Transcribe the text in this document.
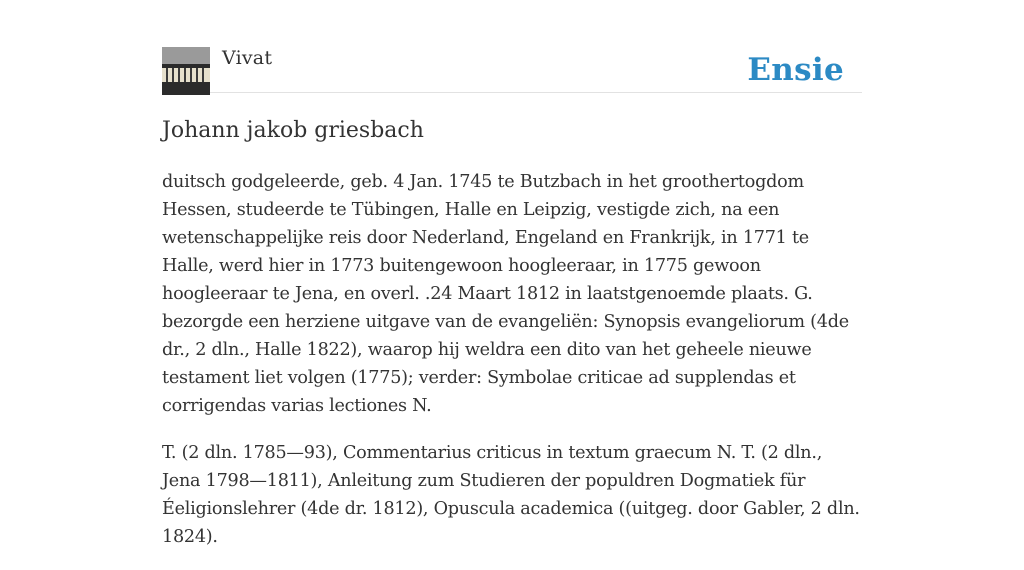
Vivat	Ensie
Johann jakob griesbach

duitsch godgeleerde, geb. 4 Jan. 1745 te Butzbach in het groothertogdom Hessen, studeerde te Tübingen, Halle en Leipzig, vestigde zich, na een wetenschappelijke reis door Nederland, Engeland en Frankrijk, in 1771 te Halle, werd hier in 1773 buitengewoon hoogleeraar, in 1775 gewoon hoogleeraar te Jena, en overl. .24 Maart 1812 in laatstgenoemde plaats. G. bezorgde een herziene uitgave van de evangeliën: Synopsis evangeliorum (4de dr., 2 dln., Halle 1822), waarop hij weldra een dito van het geheele nieuwe testament liet volgen (1775); verder: Symbolae criticae ad supplendas et corrigendas varias lectiones N.

T. (2 dln. 1785—93), Commentarius criticus in textum graecum N. T. (2 dln., Jena 1798—1811), Anleitung zum Studieren der populdren Dogmatiek für Éeligionslehrer (4de dr. 1812), Opuscula academica ((uitgeg. door Gabler, 2 dln. 1824).
